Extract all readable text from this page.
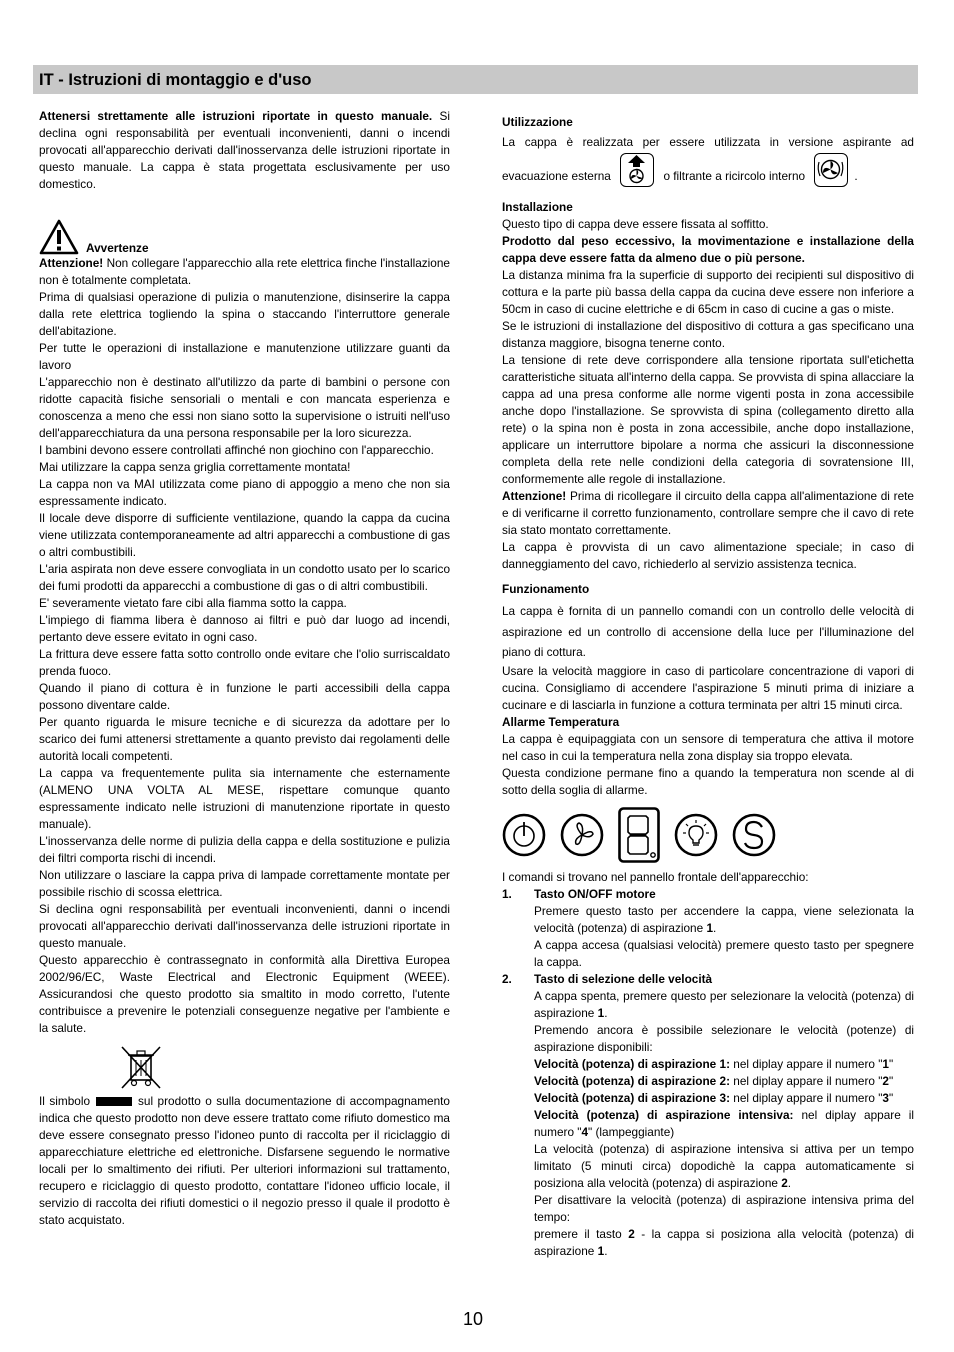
IT - Istruzioni di montaggio e d'uso

Attenersi strettamente alle istruzioni riportate in questo manuale. Si declina ogni responsabilità per eventuali inconvenienti, danni o incendi provocati all'apparecchio derivati dall'inosservanza delle istruzioni riportate in questo manuale. La cappa è stata progettata esclusivamente per uso domestico.

Avvertenze

Attenzione! Non collegare l'apparecchio alla rete elettrica finche l'installazione non è totalmente completata.

Prima di qualsiasi operazione di pulizia o manutenzione, disinserire la cappa dalla rete elettrica togliendo la spina o staccando l'interruttore generale dell'abitazione.

Per tutte le operazioni di installazione e manutenzione utilizzare guanti da lavoro

L'apparecchio non è destinato all'utilizzo da parte di bambini o persone con ridotte capacità fisiche sensoriali o mentali e con mancata esperienza e conoscenza a meno che essi non siano sotto la supervisione o istruiti nell'uso dell'apparecchiatura da una persona responsabile per la loro sicurezza.

I bambini devono essere controllati affinché non giochino con l'apparecchio.

Mai utilizzare la cappa senza griglia correttamente montata!

La cappa non va MAI utilizzata come piano di appoggio a meno che non sia espressamente indicato.

Il locale deve disporre di sufficiente ventilazione, quando la cappa da cucina viene utilizzata contemporaneamente ad altri apparecchi a combustione di gas o altri combustibili.

L'aria aspirata non deve essere convogliata in un condotto usato per lo scarico dei fumi prodotti da apparecchi a combustione di gas o di altri combustibili.

E' severamente vietato fare cibi alla fiamma sotto la cappa.

L'impiego di fiamma libera è dannoso ai filtri e può dar luogo ad incendi, pertanto deve essere evitato in ogni caso.

La frittura deve essere fatta sotto controllo onde evitare che l'olio surriscaldato prenda fuoco.

Quando il piano di cottura è in funzione le parti accessibili della cappa possono diventare calde.

Per quanto riguarda le misure tecniche e di sicurezza da adottare per lo scarico dei fumi attenersi strettamente a quanto previsto dai regolamenti delle autorità locali competenti.

La cappa va frequentemente pulita sia internamente che esternamente (ALMENO UNA VOLTA AL MESE, rispettare comunque quanto espressamente indicato nelle istruzioni di manutenzione riportate in questo manuale).

L'inosservanza delle norme di pulizia della cappa e della sostituzione e pulizia dei filtri comporta rischi di incendi.

Non utilizzare o lasciare la cappa priva di lampade correttamente montate per possibile rischio di scossa elettrica.

Si declina ogni responsabilità per eventuali inconvenienti, danni o incendi provocati all'apparecchio derivati dall'inosservanza delle istruzioni riportate in questo manuale.

Questo apparecchio è contrassegnato in conformità alla Direttiva Europea 2002/96/EC, Waste Electrical and Electronic Equipment (WEEE). Assicurandosi che questo prodotto sia smaltito in modo corretto, l'utente contribuisce a prevenire le potenziali conseguenze negative per l'ambiente e la salute.

Il simbolo	sul prodotto o sulla documentazione di accompagnamento indica che questo prodotto non deve essere trattato come rifiuto domestico ma deve essere consegnato presso l'idoneo punto di raccolta per il riciclaggio di apparecchiature elettriche ed elettroniche. Disfarsene seguendo le normative locali per lo smaltimento dei rifiuti. Per ulteriori informazioni sul trattamento, recupero e riciclaggio di questo prodotto, contattare l'idoneo ufficio locale, il servizio di raccolta dei rifiuti domestici o il negozio presso il quale il prodotto è stato acquistato.

Utilizzazione

La cappa è realizzata per essere utilizzata in versione aspirante ad evacuazione esterna	o filtrante a ricircolo interno	.

Installazione

Questo tipo di cappa deve essere fissata al soffitto.

Prodotto dal peso eccessivo, la movimentazione e installazione della cappa deve essere fatta da almeno due o più persone.

La distanza minima fra la superficie di supporto dei recipienti sul dispositivo di cottura e la parte più bassa della cappa da cucina deve essere non inferiore a 50cm in caso di cucine elettriche e di 65cm in caso di cucine a gas o miste.

Se le istruzioni di installazione del dispositivo di cottura a gas specificano una distanza maggiore, bisogna tenerne conto.

La tensione di rete deve corrispondere alla tensione riportata sull'etichetta caratteristiche situata all'interno della cappa. Se provvista di spina allacciare la cappa ad una presa conforme alle norme vigenti posta in zona accessibile anche dopo l'installazione. Se sprovvista di spina (collegamento diretto alla rete) o la spina non è posta in zona accessibile, anche dopo installazione, applicare un interruttore bipolare a norma che assicuri la disconnessione completa della rete nelle condizioni della categoria di sovratensione III, conformemente alle regole di installazione.

Attenzione! Prima di ricollegare il circuito della cappa all'alimentazione di rete e di verificarne il corretto funzionamento, controllare sempre che il cavo di rete sia stato montato correttamente.

La cappa è provvista di un cavo alimentazione speciale; in caso di danneggiamento del cavo, richiederlo al servizio assistenza tecnica.

Funzionamento

La cappa è fornita di un pannello comandi con un controllo delle velocità di aspirazione ed un controllo di accensione della luce per l'illuminazione del piano di cottura.

Usare la velocità maggiore in caso di particolare concentrazione di vapori di cucina. Consigliamo di accendere l'aspirazione 5 minuti prima di iniziare a cucinare e di lasciarla in funzione a cottura terminata per altri 15 minuti circa.

Allarme Temperatura

La cappa è equipaggiata con un sensore di temperatura che attiva il motore nel caso in cui la temperatura nella zona display sia troppo elevata.

Questa condizione permane fino a quando la temperatura non scende al di sotto della soglia di allarme.

I comandi si trovano nel pannello frontale dell'apparecchio:

1. Tasto ON/OFF motore

Premere questo tasto per accendere la cappa, viene selezionata la velocità (potenza) di aspirazione 1.

A cappa accesa (qualsiasi velocità) premere questo tasto per spegnere la cappa.

2. Tasto di selezione delle velocità

A cappa spenta, premere questo per selezionare la velocità (potenza) di aspirazione 1.

Premendo ancora è possibile selezionare le velocità (potenze) di aspirazione disponibili:

Velocità (potenza) di aspirazione 1: nel diplay appare il numero "1"

Velocità (potenza) di aspirazione 2: nel diplay appare il numero "2"

Velocità (potenza) di aspirazione 3: nel diplay appare il numero "3"

Velocità (potenza) di aspirazione intensiva: nel diplay appare il numero "4" (lampeggiante)

La velocità (potenza) di aspirazione intensiva si attiva per un tempo limitato (5 minuti circa) dopodichè la cappa automaticamente si posiziona alla velocità (potenza) di aspirazione 2.

Per disattivare la velocità (potenza) di aspirazione intensiva prima del tempo:

premere il tasto 2 - la cappa si posiziona alla velocità (potenza) di aspirazione 1.

10
